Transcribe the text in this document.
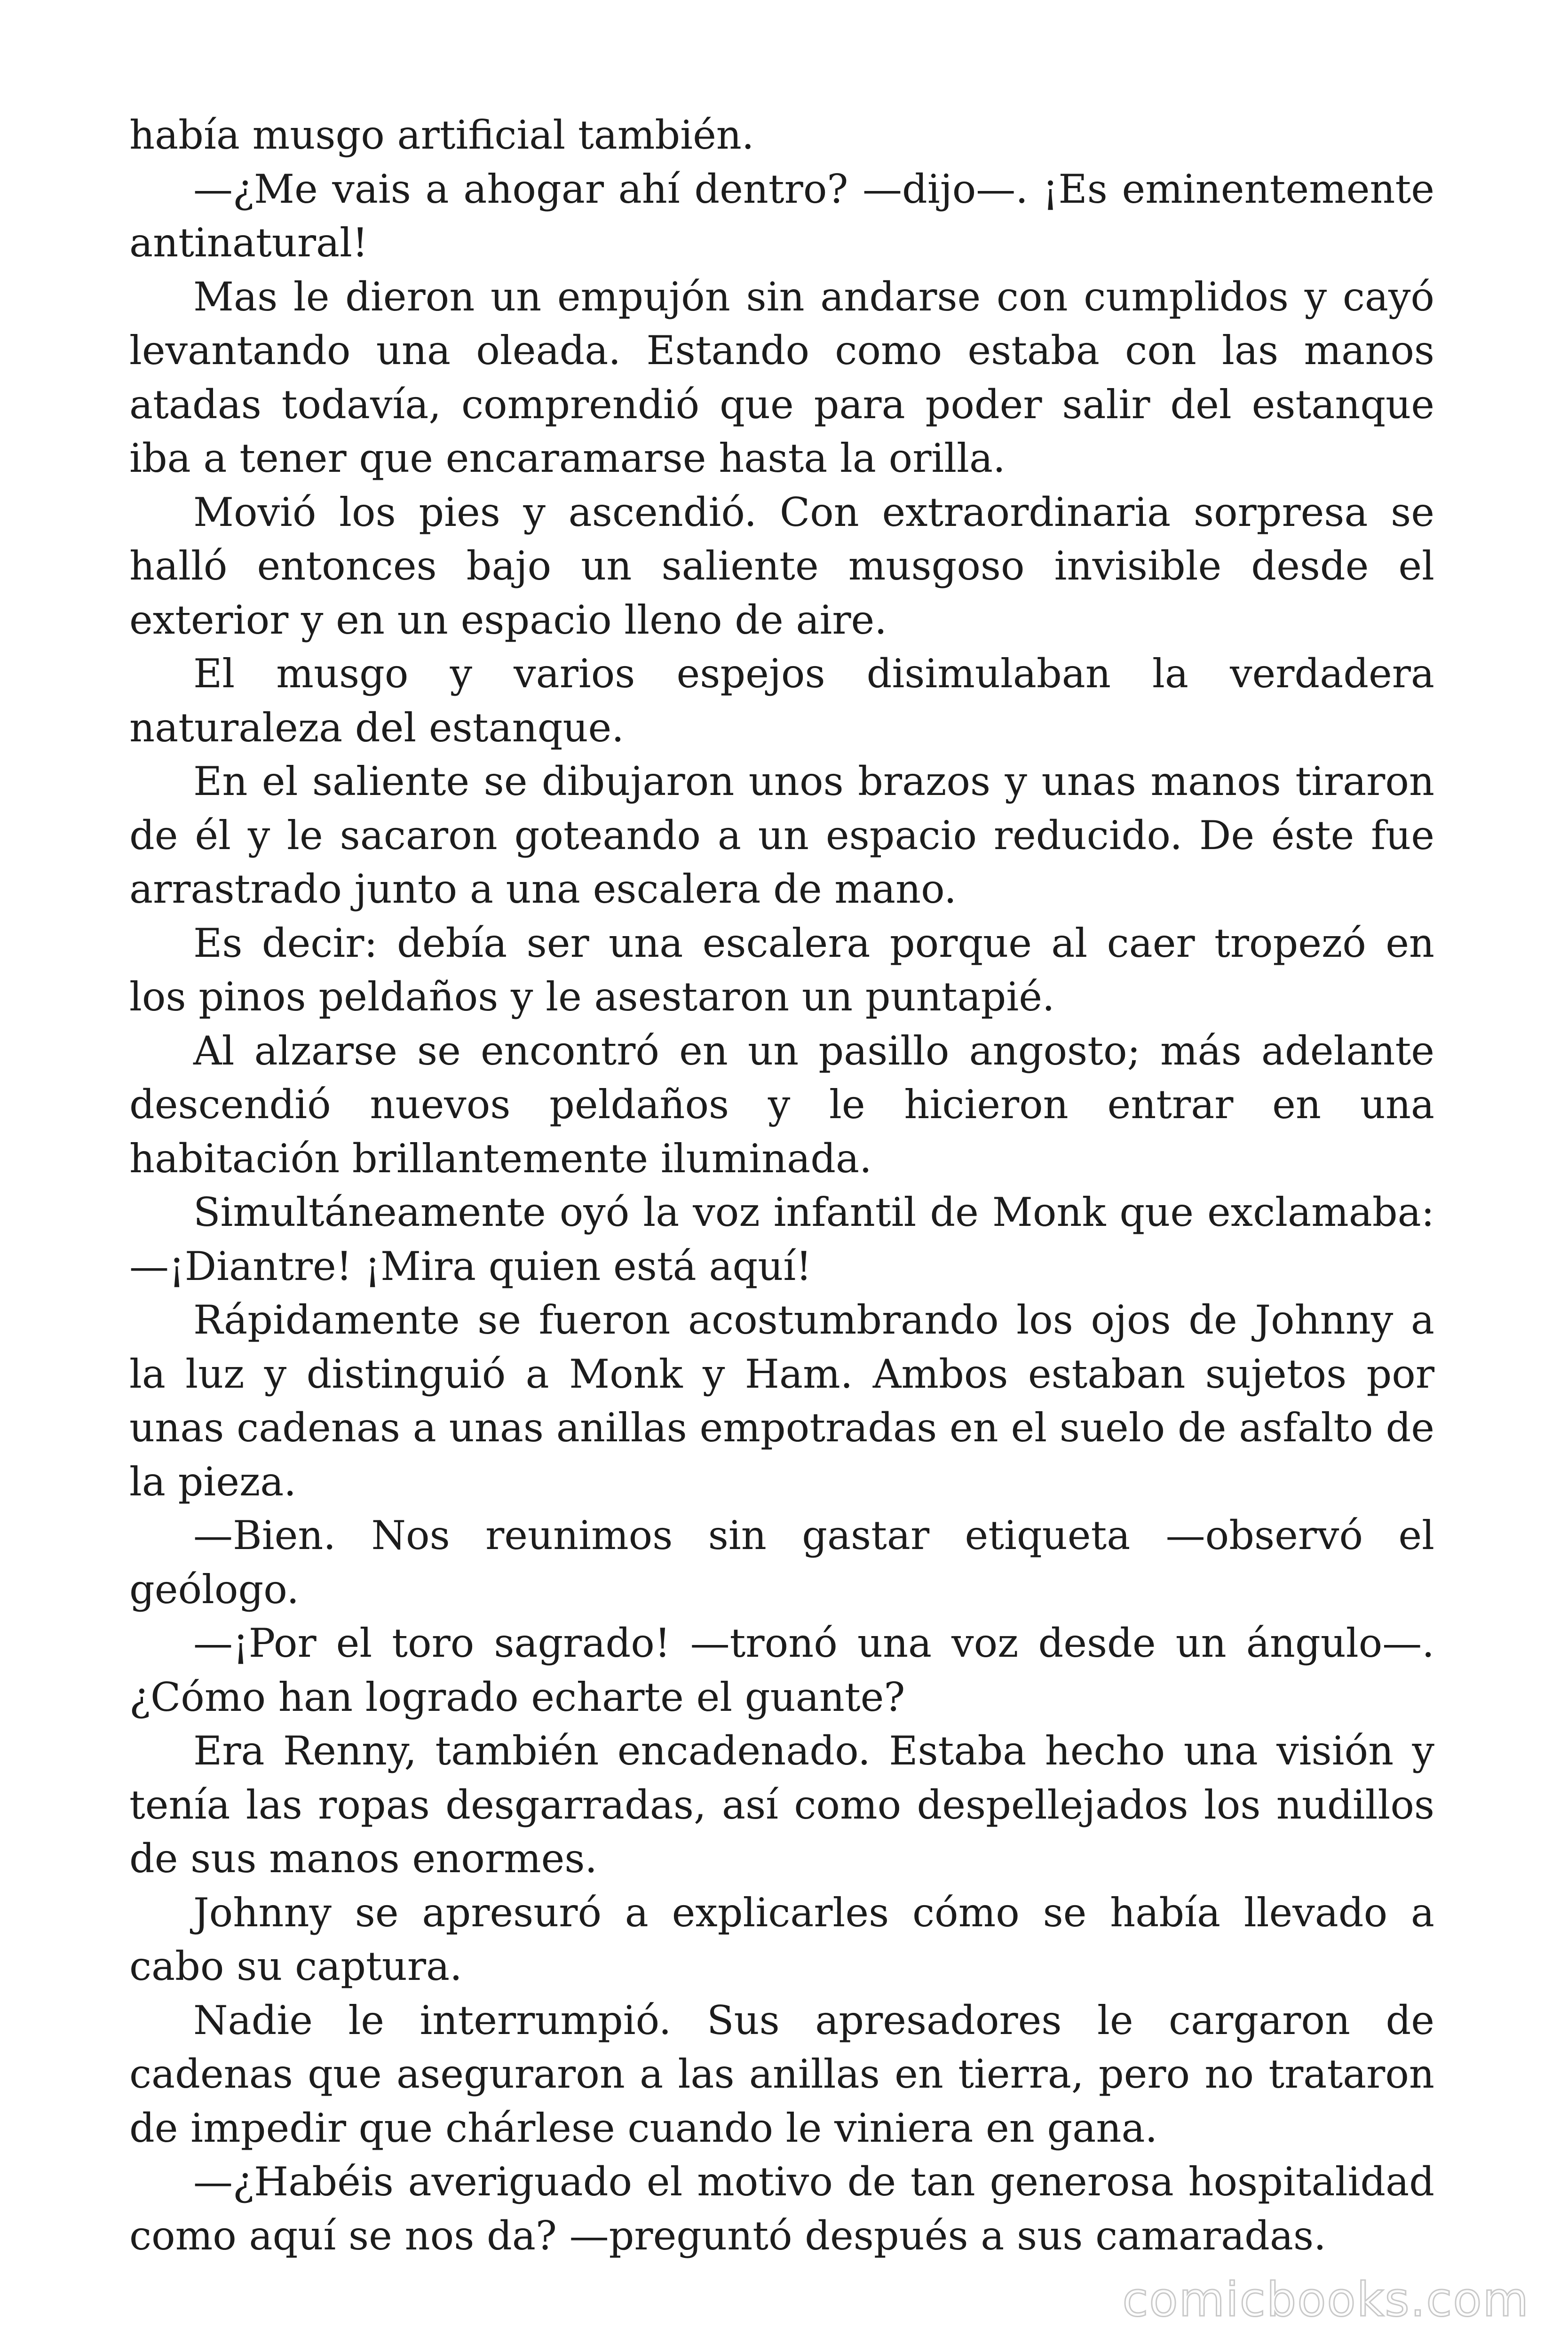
había musgo artificial también.

—¿Me vais a ahogar ahí dentro? —dijo—. ¡Es eminentemente antinatural!

Mas le dieron un empujón sin andarse con cumplidos y cayó levantando una oleada. Estando como estaba con las manos atadas todavía, comprendió que para poder salir del estanque iba a tener que encaramarse hasta la orilla.

Movió los pies y ascendió. Con extraordinaria sorpresa se halló entonces bajo un saliente musgoso invisible desde el exterior y en un espacio lleno de aire.

El musgo y varios espejos disimulaban la verdadera naturaleza del estanque.

En el saliente se dibujaron unos brazos y unas manos tiraron de él y le sacaron goteando a un espacio reducido. De éste fue arrastrado junto a una escalera de mano.

Es decir: debía ser una escalera porque al caer tropezó en los pinos peldaños y le asestaron un puntapié.

Al alzarse se encontró en un pasillo angosto; más adelante descendió nuevos peldaños y le hicieron entrar en una habitación brillantemente iluminada.

Simultáneamente oyó la voz infantil de Monk que exclamaba: —¡Diantre! ¡Mira quien está aquí!

Rápidamente se fueron acostumbrando los ojos de Johnny a la luz y distinguió a Monk y Ham. Ambos estaban sujetos por unas cadenas a unas anillas empotradas en el suelo de asfalto de la pieza.

—Bien. Nos reunimos sin gastar etiqueta —observó el geólogo.

—¡Por el toro sagrado! —tronó una voz desde un ángulo—. ¿Cómo han logrado echarte el guante?

Era Renny, también encadenado. Estaba hecho una visión y tenía las ropas desgarradas, así como despellejados los nudillos de sus manos enormes.

Johnny se apresuró a explicarles cómo se había llevado a cabo su captura.

Nadie le interrumpió. Sus apresadores le cargaron de cadenas que aseguraron a las anillas en tierra, pero no trataron de impedir que chárlese cuando le viniera en gana.

—¿Habéis averiguado el motivo de tan generosa hospitalidad como aquí se nos da? —preguntó después a sus camaradas.

comicbooks.com
